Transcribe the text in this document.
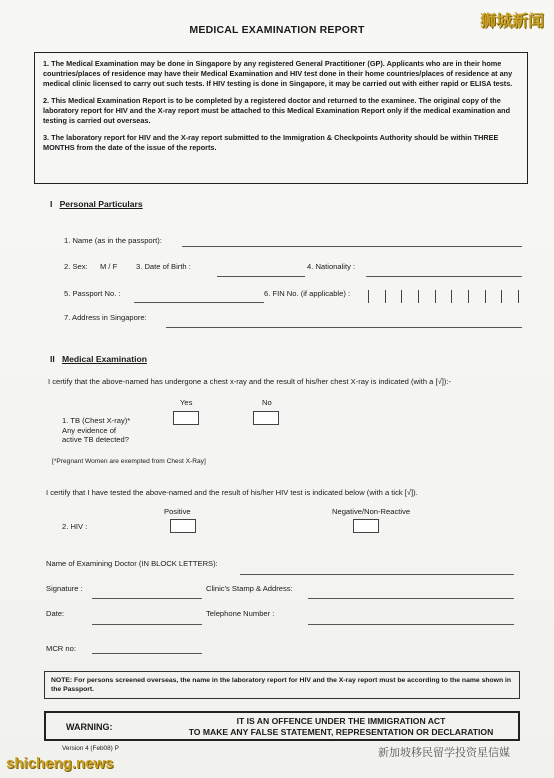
狮城新闻
MEDICAL EXAMINATION REPORT

1. The Medical Examination may be done in Singapore by any registered General Practitioner (GP). Applicants who are in their home countries/places of residence may have their Medical Examination and HIV test done in their home countries/places of residence at any medical clinic licensed to carry out such tests. If HIV testing is done in Singapore, it may be carried out with either rapid or ELISA tests.

2. This Medical Examination Report is to be completed by a registered doctor and returned to the examinee. The original copy of the laboratory report for HIV and the X-ray report must be attached to this Medical Examination Report only if the medical examination and testing is carried out overseas.

3. The laboratory report for HIV and the X-ray report submitted to the Immigration & Checkpoints Authority should be within THREE MONTHS from the date of the issue of the reports.

I Personal Particulars
1. Name (as in the passport):
2. Sex: M / F 3. Date of Birth :	4. Nationality :
5. Passport No. :	6. FIN No. (if applicable) :
7. Address in Singapore:
II Medical Examination
I certify that the above-named has undergone a chest x-ray and the result of his/her chest X-ray is indicated (with a [√]):-
Yes	No
1. TB (Chest X-ray)*
Any evidence of
active TB detected?
[*Pregnant Women are exempted from Chest X-Ray]
I certify that I have tested the above-named and the result of his/her HIV test is indicated below (with a tick [√]).
Positive	Negative/Non-Reactive
2. HIV :
Name of Examining Doctor (IN BLOCK LETTERS):
Signature :	Clinic's Stamp & Address:
Date:	Telephone Number :
MCR no:
NOTE: For persons screened overseas, the name in the laboratory report for HIV and the X-ray report must be according to the name shown in the Passport.
WARNING:
IT IS AN OFFENCE UNDER THE IMMIGRATION ACT
TO MAKE ANY FALSE STATEMENT, REPRESENTATION OR DECLARATION
Version 4 (Feb08) P	新加坡移民留学投资星信媒
shicheng.news
